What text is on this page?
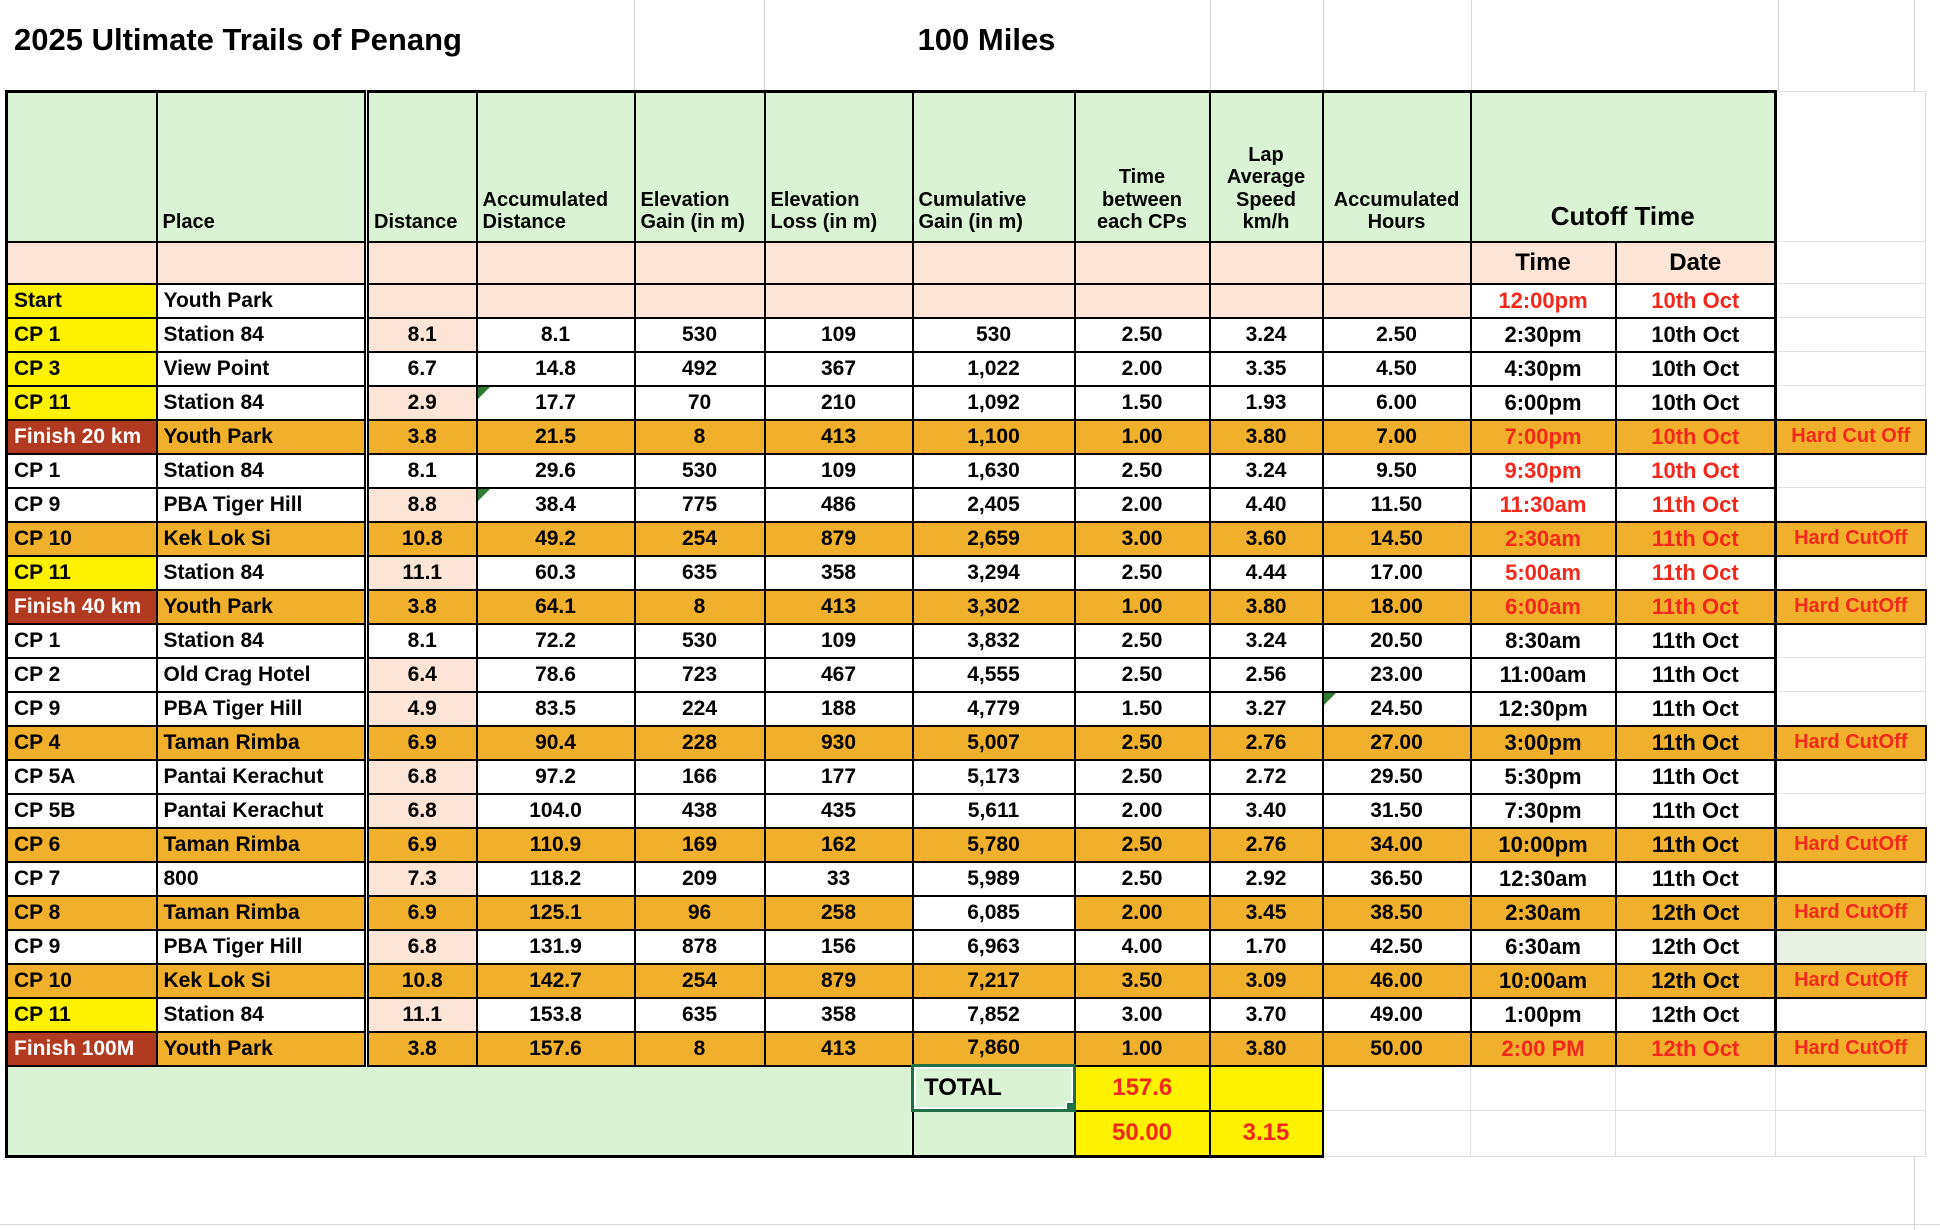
2025 Ultimate Trails of Penang	100 Miles
	Place	Distance	Accumulated Distance	Elevation Gain (in m)	Elevation Loss (in m)	Cumulative Gain (in m)	Time between each CPs	Lap Average Speed km/h	Accumulated Hours	Cutoff Time		
										Time	Date	
Start	Youth Park									12:00pm	10th Oct	
CP 1	Station 84	8.1	8.1	530	109	530	2.50	3.24	2.50	2:30pm	10th Oct	
CP 3	View Point	6.7	14.8	492	367	1,022	2.00	3.35	4.50	4:30pm	10th Oct	
CP 11	Station 84	2.9	17.7	70	210	1,092	1.50	1.93	6.00	6:00pm	10th Oct	
Finish 20 km	Youth Park	3.8	21.5	8	413	1,100	1.00	3.80	7.00	7:00pm	10th Oct	Hard Cut Off
CP 1	Station 84	8.1	29.6	530	109	1,630	2.50	3.24	9.50	9:30pm	10th Oct	
CP 9	PBA Tiger Hill	8.8	38.4	775	486	2,405	2.00	4.40	11.50	11:30am	11th Oct	
CP 10	Kek Lok Si	10.8	49.2	254	879	2,659	3.00	3.60	14.50	2:30am	11th Oct	Hard CutOff
CP 11	Station 84	11.1	60.3	635	358	3,294	2.50	4.44	17.00	5:00am	11th Oct	
Finish 40 km	Youth Park	3.8	64.1	8	413	3,302	1.00	3.80	18.00	6:00am	11th Oct	Hard CutOff
CP 1	Station 84	8.1	72.2	530	109	3,832	2.50	3.24	20.50	8:30am	11th Oct	
CP 2	Old Crag Hotel	6.4	78.6	723	467	4,555	2.50	2.56	23.00	11:00am	11th Oct	
CP 9	PBA Tiger Hill	4.9	83.5	224	188	4,779	1.50	3.27	24.50	12:30pm	11th Oct	
CP 4	Taman Rimba	6.9	90.4	228	930	5,007	2.50	2.76	27.00	3:00pm	11th Oct	Hard CutOff
CP 5A	Pantai Kerachut	6.8	97.2	166	177	5,173	2.50	2.72	29.50	5:30pm	11th Oct	
CP 5B	Pantai Kerachut	6.8	104.0	438	435	5,611	2.00	3.40	31.50	7:30pm	11th Oct	
CP 6	Taman Rimba	6.9	110.9	169	162	5,780	2.50	2.76	34.00	10:00pm	11th Oct	Hard CutOff
CP 7	800	7.3	118.2	209	33	5,989	2.50	2.92	36.50	12:30am	11th Oct	
CP 8	Taman Rimba	6.9	125.1	96	258	6,085	2.00	3.45	38.50	2:30am	12th Oct	Hard CutOff
CP 9	PBA Tiger Hill	6.8	131.9	878	156	6,963	4.00	1.70	42.50	6:30am	12th Oct	
CP 10	Kek Lok Si	10.8	142.7	254	879	7,217	3.50	3.09	46.00	10:00am	12th Oct	Hard CutOff
CP 11	Station 84	11.1	153.8	635	358	7,852	3.00	3.70	49.00	1:00pm	12th Oct	
Finish 100M	Youth Park	3.8	157.6	8	413	7,860	1.00	3.80	50.00	2:00 PM	12th Oct	Hard CutOff
						TOTAL	157.6					
							50.00	3.15				
